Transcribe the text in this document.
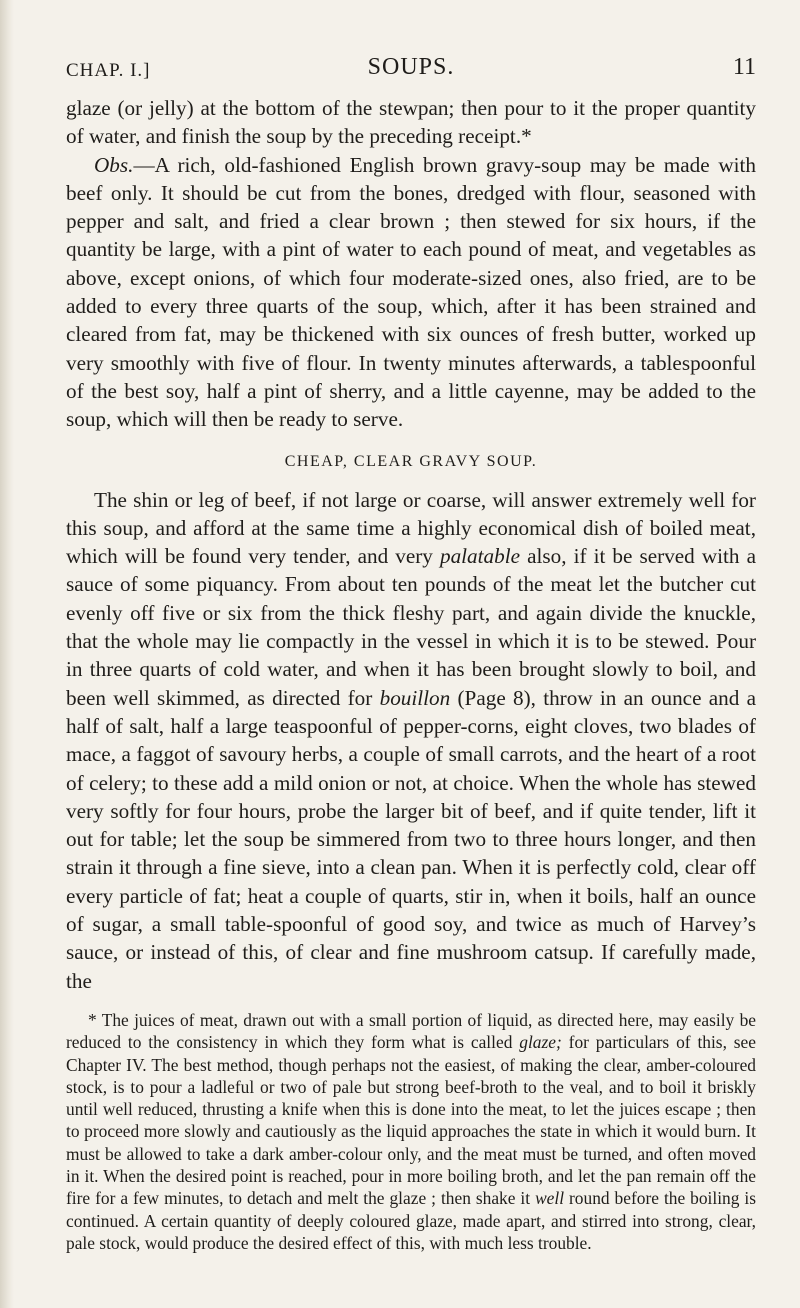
CHAP. I.]	SOUPS.	11

glaze (or jelly) at the bottom of the stewpan; then pour to it the proper quantity of water, and finish the soup by the preceding receipt.*

Obs.—A rich, old-fashioned English brown gravy-soup may be made with beef only. It should be cut from the bones, dredged with flour, seasoned with pepper and salt, and fried a clear brown ; then stewed for six hours, if the quantity be large, with a pint of water to each pound of meat, and vegetables as above, except onions, of which four moderate-sized ones, also fried, are to be added to every three quarts of the soup, which, after it has been strained and cleared from fat, may be thickened with six ounces of fresh butter, worked up very smoothly with five of flour. In twenty minutes afterwards, a tablespoonful of the best soy, half a pint of sherry, and a little cayenne, may be added to the soup, which will then be ready to serve.

CHEAP, CLEAR GRAVY SOUP.

The shin or leg of beef, if not large or coarse, will answer extremely well for this soup, and afford at the same time a highly economical dish of boiled meat, which will be found very tender, and very palatable also, if it be served with a sauce of some piquancy. From about ten pounds of the meat let the butcher cut evenly off five or six from the thick fleshy part, and again divide the knuckle, that the whole may lie compactly in the vessel in which it is to be stewed. Pour in three quarts of cold water, and when it has been brought slowly to boil, and been well skimmed, as directed for bouillon (Page 8), throw in an ounce and a half of salt, half a large teaspoonful of pepper-corns, eight cloves, two blades of mace, a faggot of savoury herbs, a couple of small carrots, and the heart of a root of celery; to these add a mild onion or not, at choice. When the whole has stewed very softly for four hours, probe the larger bit of beef, and if quite tender, lift it out for table; let the soup be simmered from two to three hours longer, and then strain it through a fine sieve, into a clean pan. When it is perfectly cold, clear off every particle of fat; heat a couple of quarts, stir in, when it boils, half an ounce of sugar, a small table-spoonful of good soy, and twice as much of Harvey’s sauce, or instead of this, of clear and fine mushroom catsup. If carefully made, the

* The juices of meat, drawn out with a small portion of liquid, as directed here, may easily be reduced to the consistency in which they form what is called glaze; for particulars of this, see Chapter IV. The best method, though perhaps not the easiest, of making the clear, amber-coloured stock, is to pour a ladleful or two of pale but strong beef-broth to the veal, and to boil it briskly until well reduced, thrusting a knife when this is done into the meat, to let the juices escape ; then to proceed more slowly and cautiously as the liquid approaches the state in which it would burn. It must be allowed to take a dark amber-colour only, and the meat must be turned, and often moved in it. When the desired point is reached, pour in more boiling broth, and let the pan remain off the fire for a few minutes, to detach and melt the glaze ; then shake it well round before the boiling is continued. A certain quantity of deeply coloured glaze, made apart, and stirred into strong, clear, pale stock, would produce the desired effect of this, with much less trouble.
